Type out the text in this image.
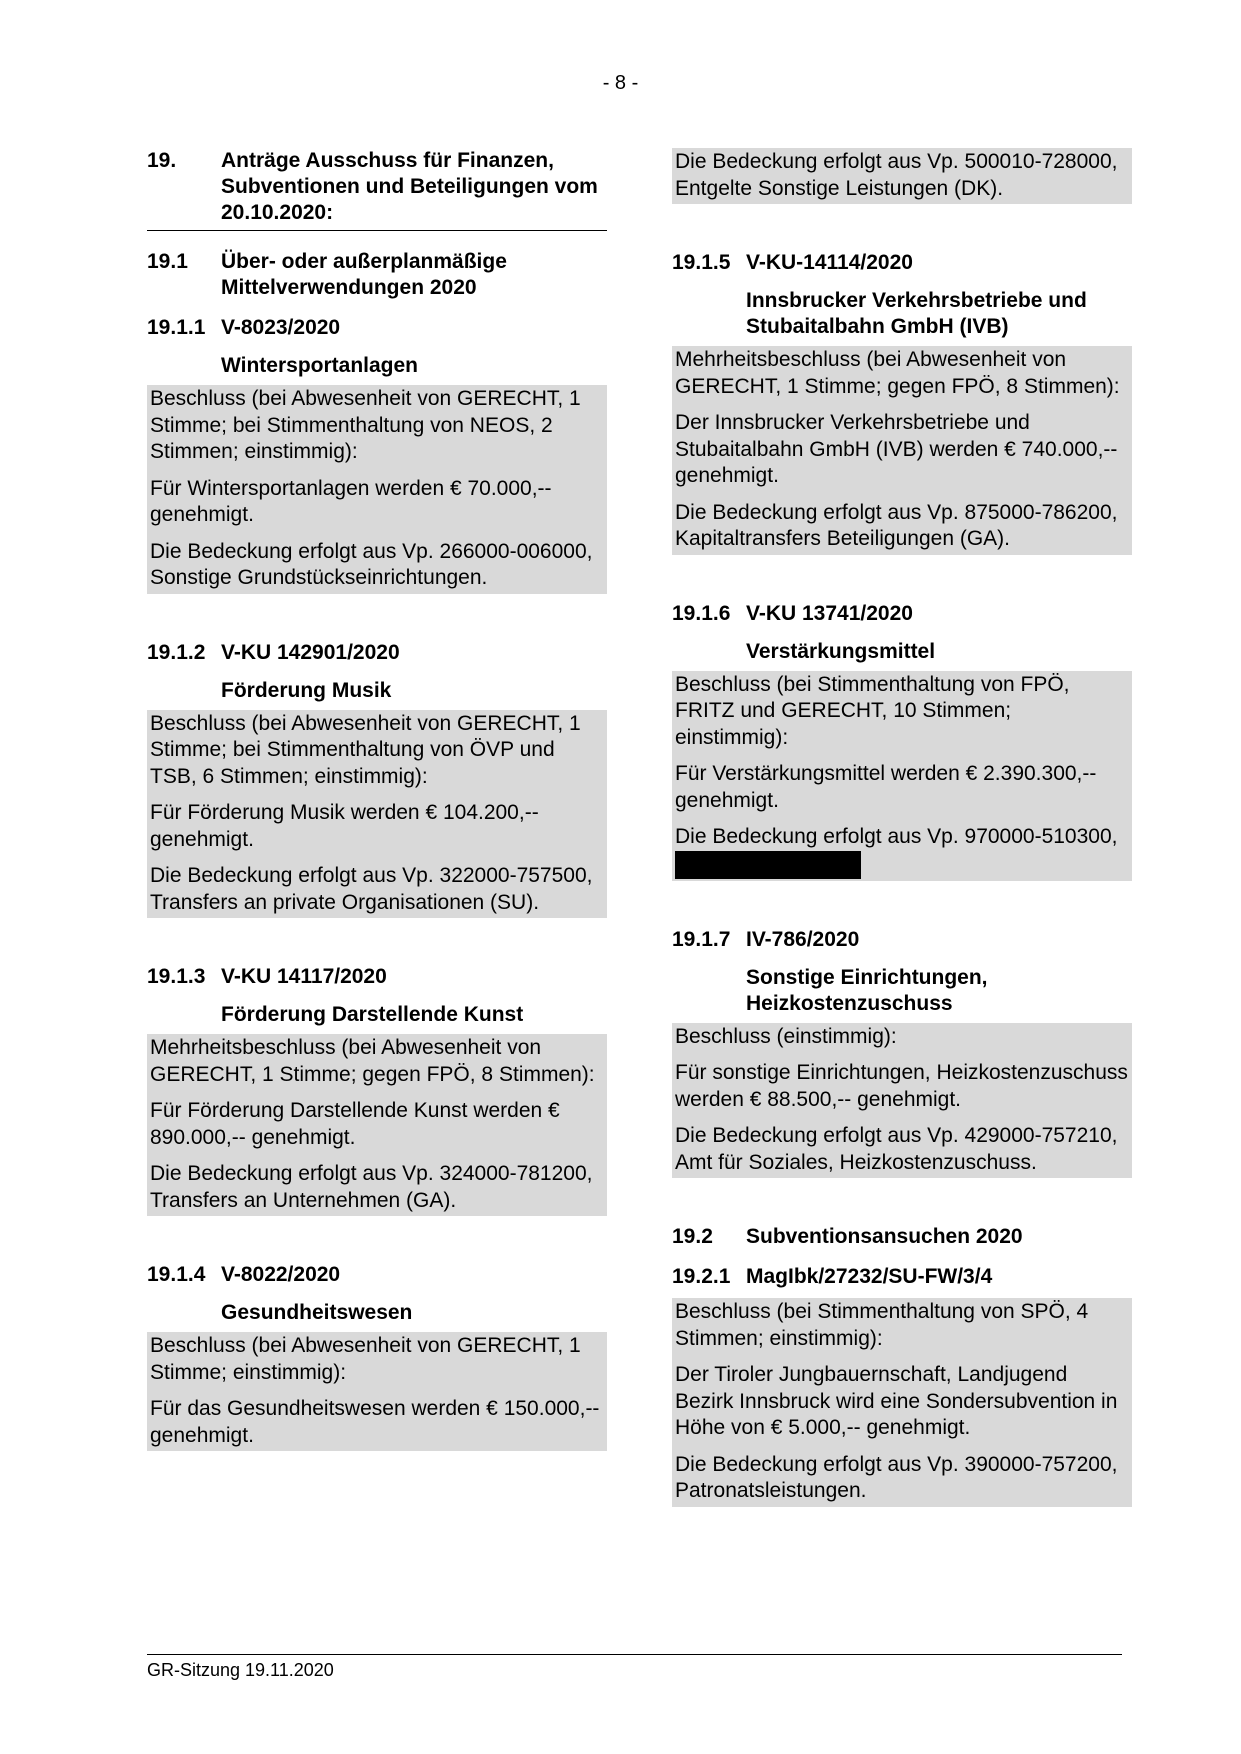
- 8 -
19.	Anträge Ausschuss für Finanzen, Subventionen und Beteiligungen vom 20.10.2020:
19.1	Über- oder außerplanmäßige Mittelverwendungen 2020
19.1.1 V-8023/2020
Wintersportanlagen

Beschluss (bei Abwesenheit von GERECHT, 1 Stimme; bei Stimmenthaltung von NEOS, 2 Stimmen; einstimmig):

Für Wintersportanlagen werden € 70.000,-- genehmigt.

Die Bedeckung erfolgt aus Vp. 266000-006000, Sonstige Grundstückseinrichtungen.

19.1.2 V-KU 142901/2020
Förderung Musik

Beschluss (bei Abwesenheit von GERECHT, 1 Stimme; bei Stimmenthaltung von ÖVP und TSB, 6 Stimmen; einstimmig):

Für Förderung Musik werden € 104.200,-- genehmigt.

Die Bedeckung erfolgt aus Vp. 322000-757500, Transfers an private Organisationen (SU).

19.1.3 V-KU 14117/2020
Förderung Darstellende Kunst

Mehrheitsbeschluss (bei Abwesenheit von GERECHT, 1 Stimme; gegen FPÖ, 8 Stimmen):

Für Förderung Darstellende Kunst werden € 890.000,-- genehmigt.

Die Bedeckung erfolgt aus Vp. 324000-781200, Transfers an Unternehmen (GA).

19.1.4 V-8022/2020
Gesundheitswesen

Beschluss (bei Abwesenheit von GERECHT, 1 Stimme; einstimmig):

Für das Gesundheitswesen werden € 150.000,-- genehmigt.

Die Bedeckung erfolgt aus Vp. 500010-728000, Entgelte Sonstige Leistungen (DK).

19.1.5 V-KU-14114/2020
Innsbrucker Verkehrsbetriebe und Stubaitalbahn GmbH (IVB)

Mehrheitsbeschluss (bei Abwesenheit von GERECHT, 1 Stimme; gegen FPÖ, 8 Stimmen):

Der Innsbrucker Verkehrsbetriebe und Stubaitalbahn GmbH (IVB) werden € 740.000,-- genehmigt.

Die Bedeckung erfolgt aus Vp. 875000-786200, Kapitaltransfers Beteiligungen (GA).

19.1.6 V-KU 13741/2020
Verstärkungsmittel

Beschluss (bei Stimmenthaltung von FPÖ, FRITZ und GERECHT, 10 Stimmen; einstimmig):

Für Verstärkungsmittel werden € 2.390.300,-- genehmigt.

Die Bedeckung erfolgt aus Vp. 970000-510300,

19.1.7 IV-786/2020
Sonstige Einrichtungen, Heizkostenzuschuss

Beschluss (einstimmig):

Für sonstige Einrichtungen, Heizkostenzuschuss werden € 88.500,-- genehmigt.

Die Bedeckung erfolgt aus Vp. 429000-757210, Amt für Soziales, Heizkostenzuschuss.

19.2	Subventionsansuchen 2020
19.2.1 MagIbk/27232/SU-FW/3/4

Beschluss (bei Stimmenthaltung von SPÖ, 4 Stimmen; einstimmig):

Der Tiroler Jungbauernschaft, Landjugend Bezirk Innsbruck wird eine Sondersubvention in Höhe von € 5.000,-- genehmigt.

Die Bedeckung erfolgt aus Vp. 390000-757200, Patronatsleistungen.

GR-Sitzung 19.11.2020
